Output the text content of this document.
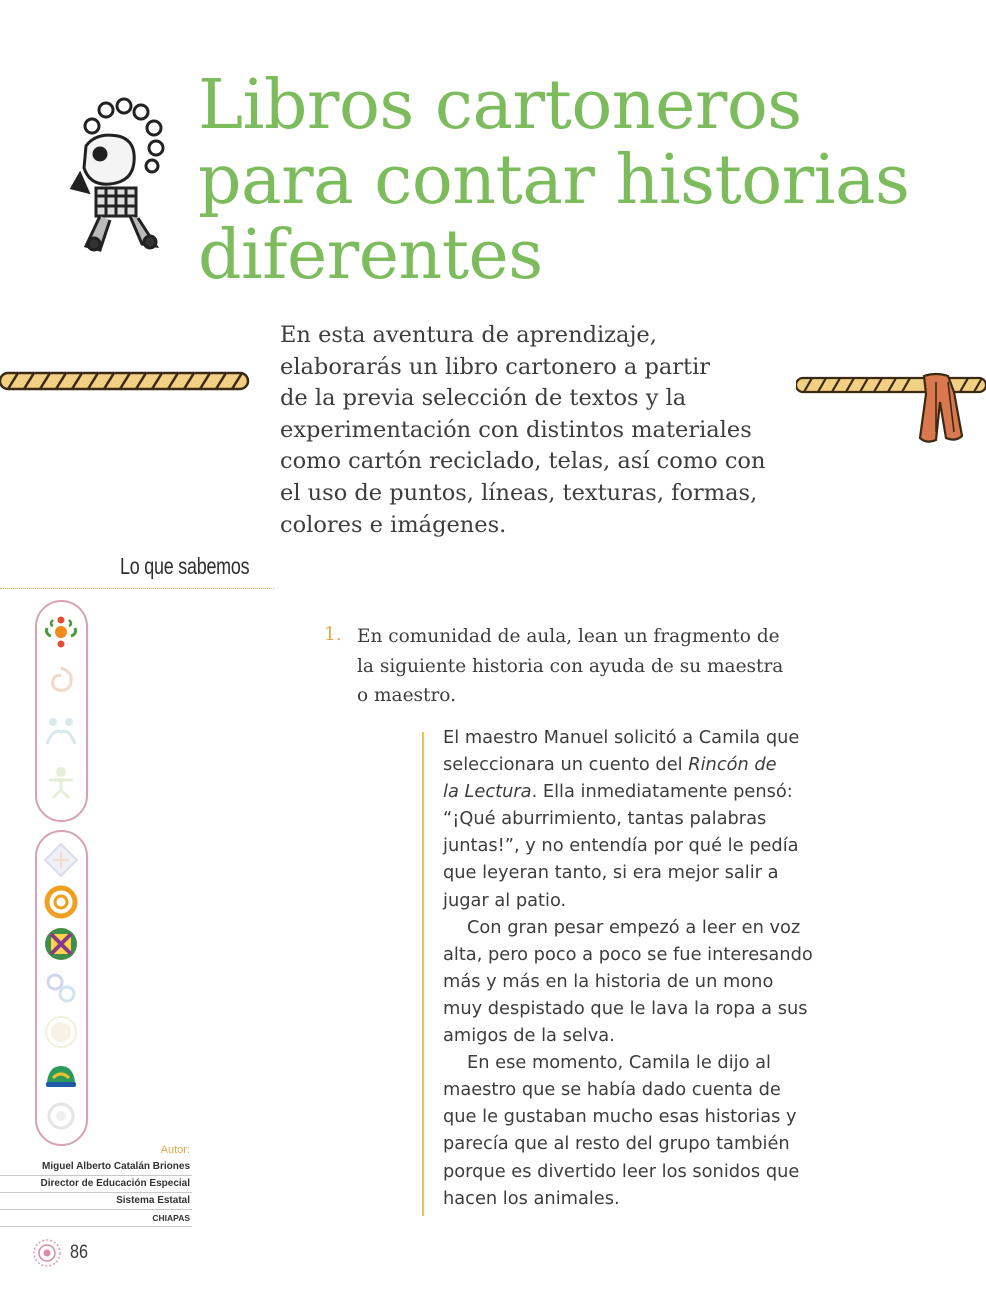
Libros cartoneros
para contar historias
diferentes
En esta aventura de aprendizaje,
elaborarás un libro cartonero a partir
de la previa selección de textos y la
experimentación con distintos materiales
como cartón reciclado, telas, así como con
el uso de puntos, líneas, texturas, formas,
colores e imágenes.
Lo que sabemos
Autor:
Miguel Alberto Catalán Briones
Director de Educación Especial
Sistema Estatal
CHIAPAS
86
1. En comunidad de aula, lean un fragmento de
la siguiente historia con ayuda de su maestra
o maestro.
El maestro Manuel solicitó a Camila que
seleccionara un cuento del Rincón de
la Lectura. Ella inmediatamente pensó:
“¡Qué aburrimiento, tantas palabras
juntas!”, y no entendía por qué le pedía
que leyeran tanto, si era mejor salir a
jugar al patio.
Con gran pesar empezó a leer en voz
alta, pero poco a poco se fue interesando
más y más en la historia de un mono
muy despistado que le lava la ropa a sus
amigos de la selva.
En ese momento, Camila le dijo al
maestro que se había dado cuenta de
que le gustaban mucho esas historias y
parecía que al resto del grupo también
porque es divertido leer los sonidos que
hacen los animales.
